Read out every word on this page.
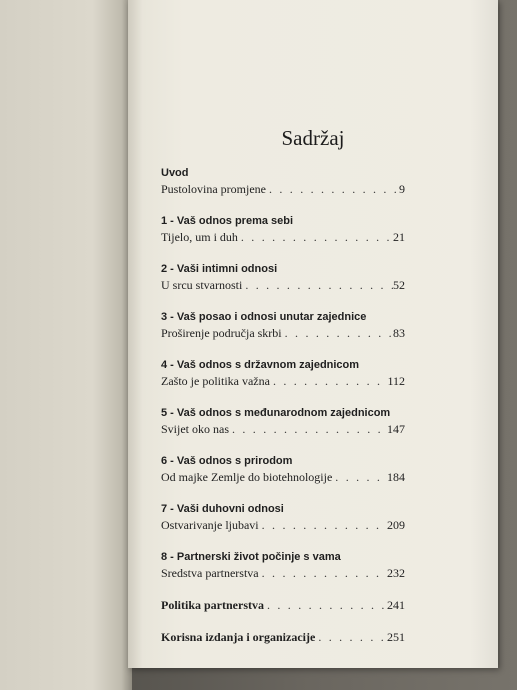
Sadržaj
Uvod
Pustolovina promjene . . .	9
1 - Vaš odnos prema sebi
Tijelo, um i duh . . .	21
2 - Vaši intimni odnosi
U srcu stvarnosti . . .	52
3 - Vaš posao i odnosi unutar zajednice
Proširenje područja skrbi . . .	83
4 - Vaš odnos s državnom zajednicom
Zašto je politika važna . . .	112
5 - Vaš odnos s međunarodnom zajednicom
Svijet oko nas . . .	147
6 - Vaš odnos s prirodom
Od majke Zemlje do biotehnologije . . .	184
7 - Vaši duhovni odnosi
Ostvarivanje ljubavi . . .	209
8 - Partnerski život počinje s vama
Sredstva partnerstva . . .	232
Politika partnerstva . . .	241
Korisna izdanja i organizacije . . .	251
